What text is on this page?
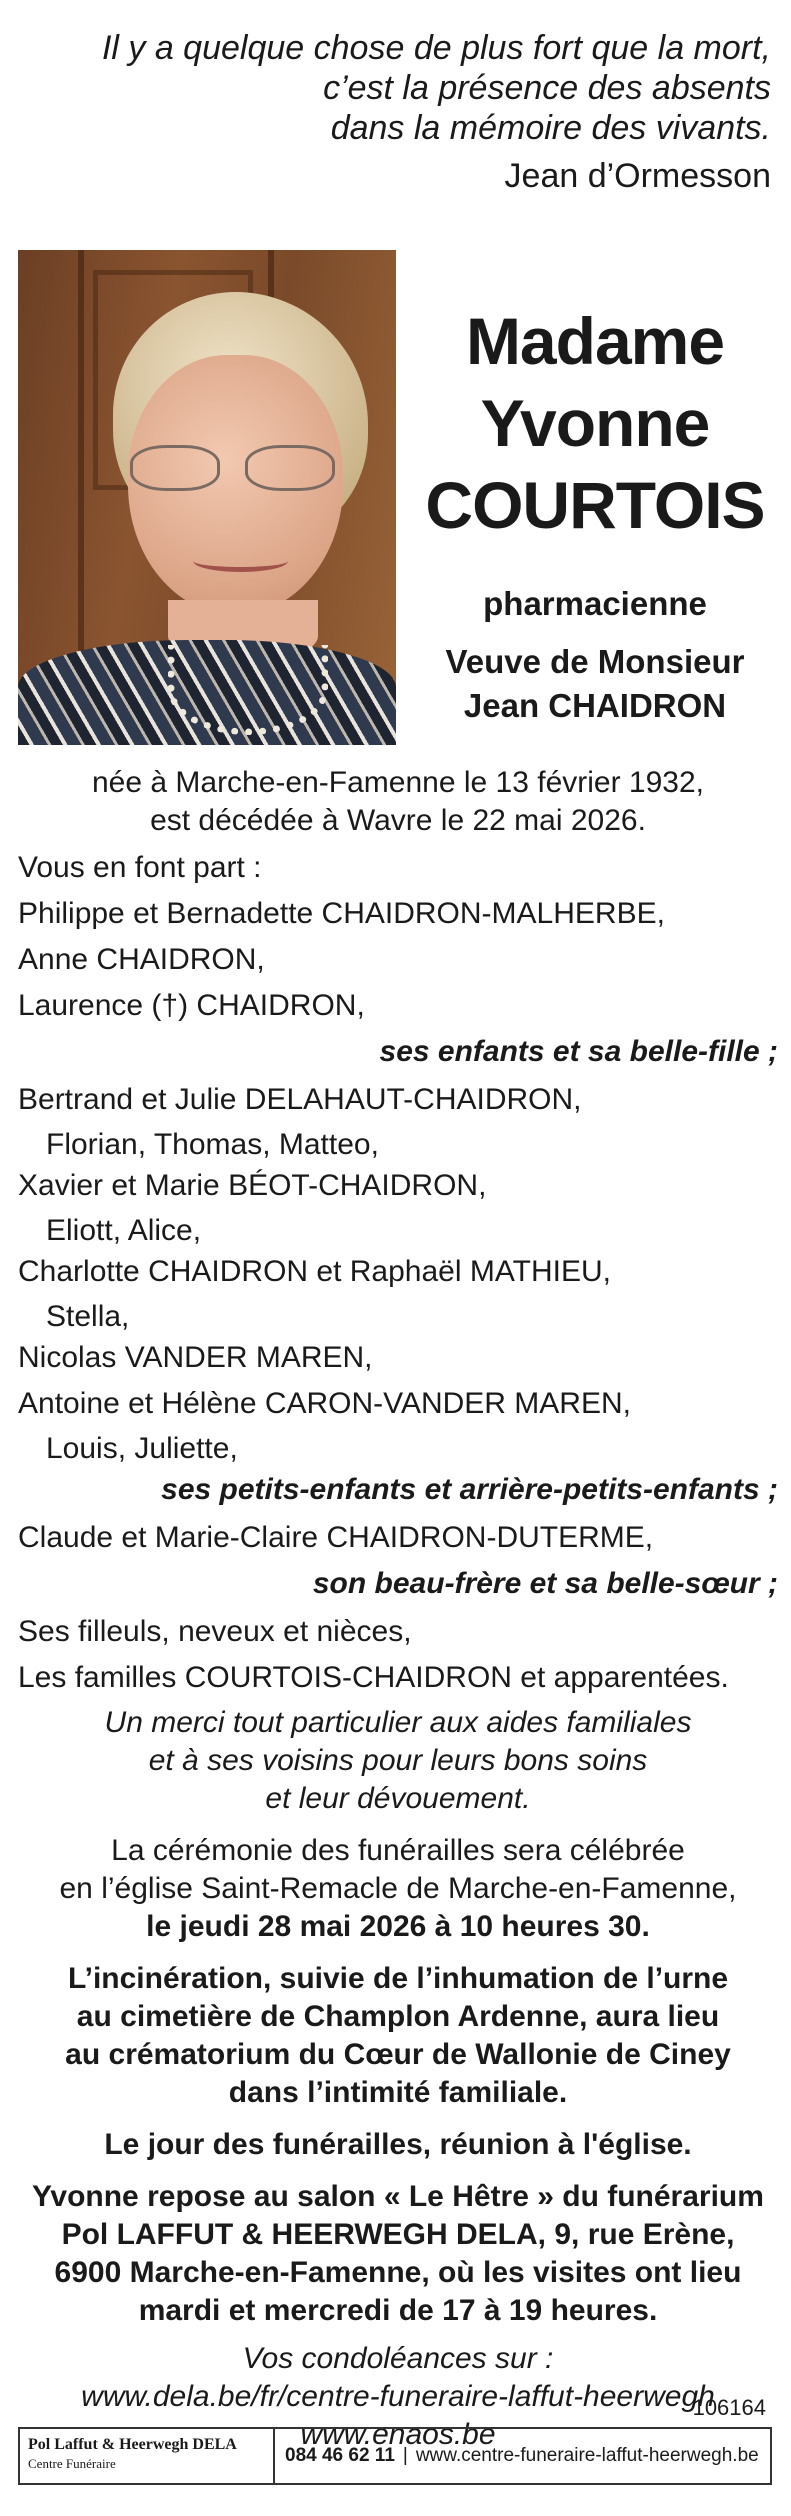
Il y a quelque chose de plus fort que la mort,
c’est la présence des absents
dans la mémoire des vivants.
Jean d’Ormesson
Madame
Yvonne
COURTOIS
pharmacienne
Veuve de Monsieur
Jean CHAIDRON
née à Marche-en-Famenne le 13 février 1932,
est décédée à Wavre le 22 mai 2026.
Vous en font part :
Philippe et Bernadette CHAIDRON-MALHERBE,
Anne CHAIDRON,
Laurence (†) CHAIDRON,
ses enfants et sa belle-fille ;
Bertrand et Julie DELAHAUT-CHAIDRON,
Florian, Thomas, Matteo,
Xavier et Marie BÉOT-CHAIDRON,
Eliott, Alice,
Charlotte CHAIDRON et Raphaël MATHIEU,
Stella,
Nicolas VANDER MAREN,
Antoine et Hélène CARON-VANDER MAREN,
Louis, Juliette,
ses petits-enfants et arrière-petits-enfants ;
Claude et Marie-Claire CHAIDRON-DUTERME,
son beau-frère et sa belle-sœur ;
Ses filleuls, neveux et nièces,
Les familles COURTOIS-CHAIDRON et apparentées.
Un merci tout particulier aux aides familiales
et à ses voisins pour leurs bons soins
et leur dévouement.
La cérémonie des funérailles sera célébrée
en l’église Saint-Remacle de Marche-en-Famenne,
le jeudi 28 mai 2026 à 10 heures 30.
L’incinération, suivie de l’inhumation de l’urne
au cimetière de Champlon Ardenne, aura lieu
au crématorium du Cœur de Wallonie de Ciney
dans l’intimité familiale.
Le jour des funérailles, réunion à l'église.
Yvonne repose au salon « Le Hêtre » du funérarium
Pol LAFFUT & HEERWEGH DELA, 9, rue Erène,
6900 Marche-en-Famenne, où les visites ont lieu
mardi et mercredi de 17 à 19 heures.
Vos condoléances sur :
www.dela.be/fr/centre-funeraire-laffut-heerwegh
www.enaos.be
106164
Pol Laffut & Heerwegh DELA
Centre Funéraire	084 46 62 11 | www.centre-funeraire-laffut-heerwegh.be
